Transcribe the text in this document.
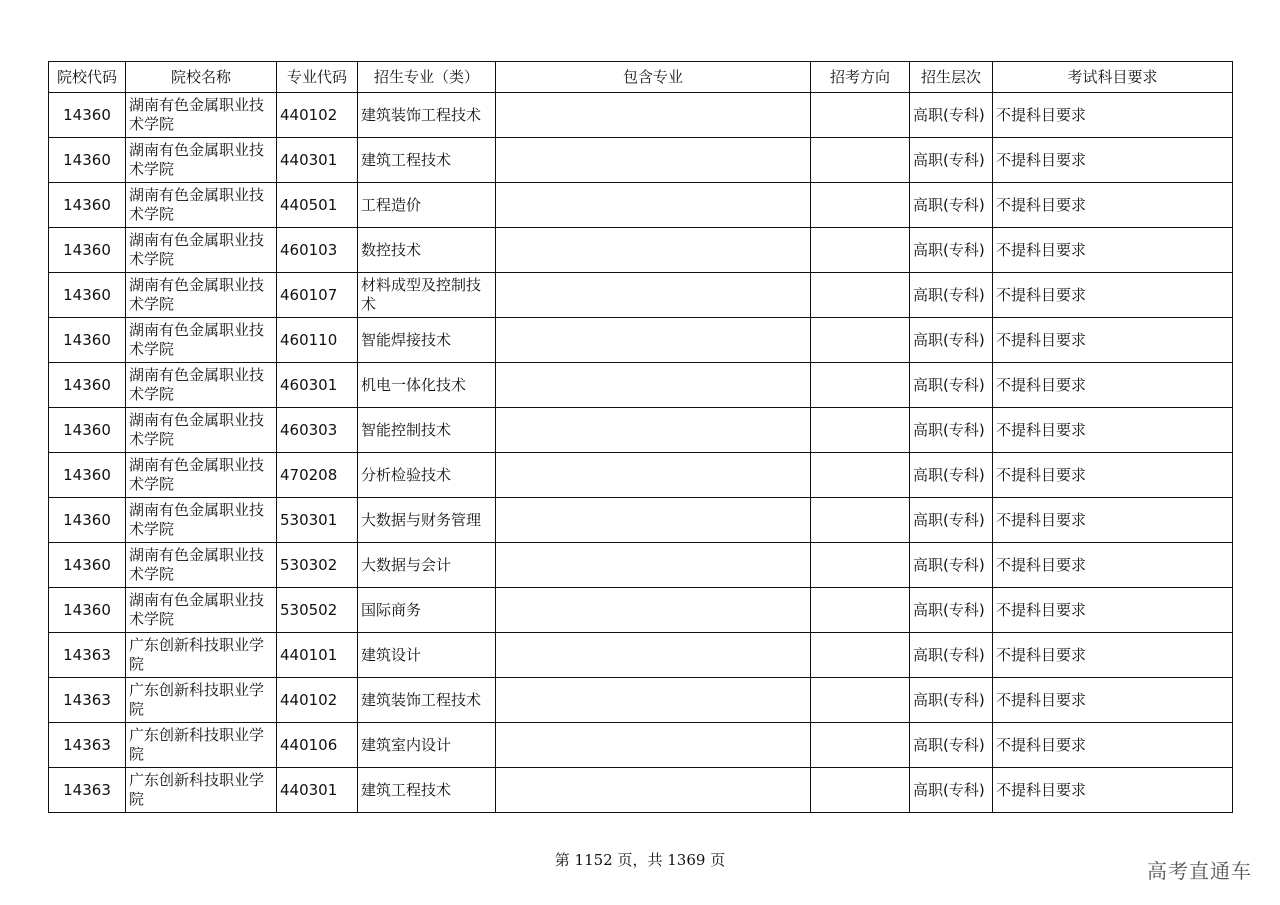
院校代码	院校名称	专业代码	招生专业（类）	包含专业	招考方向	招生层次	考试科目要求
14360	湖南有色金属职业技术学院	440102	建筑装饰工程技术			高职(专科)	不提科目要求
14360	湖南有色金属职业技术学院	440301	建筑工程技术			高职(专科)	不提科目要求
14360	湖南有色金属职业技术学院	440501	工程造价			高职(专科)	不提科目要求
14360	湖南有色金属职业技术学院	460103	数控技术			高职(专科)	不提科目要求
14360	湖南有色金属职业技术学院	460107	材料成型及控制技术			高职(专科)	不提科目要求
14360	湖南有色金属职业技术学院	460110	智能焊接技术			高职(专科)	不提科目要求
14360	湖南有色金属职业技术学院	460301	机电一体化技术			高职(专科)	不提科目要求
14360	湖南有色金属职业技术学院	460303	智能控制技术			高职(专科)	不提科目要求
14360	湖南有色金属职业技术学院	470208	分析检验技术			高职(专科)	不提科目要求
14360	湖南有色金属职业技术学院	530301	大数据与财务管理			高职(专科)	不提科目要求
14360	湖南有色金属职业技术学院	530302	大数据与会计			高职(专科)	不提科目要求
14360	湖南有色金属职业技术学院	530502	国际商务			高职(专科)	不提科目要求
14363	广东创新科技职业学院	440101	建筑设计			高职(专科)	不提科目要求
14363	广东创新科技职业学院	440102	建筑装饰工程技术			高职(专科)	不提科目要求
14363	广东创新科技职业学院	440106	建筑室内设计			高职(专科)	不提科目要求
14363	广东创新科技职业学院	440301	建筑工程技术			高职(专科)	不提科目要求
第 1152 页，共 1369 页	高考直通车
